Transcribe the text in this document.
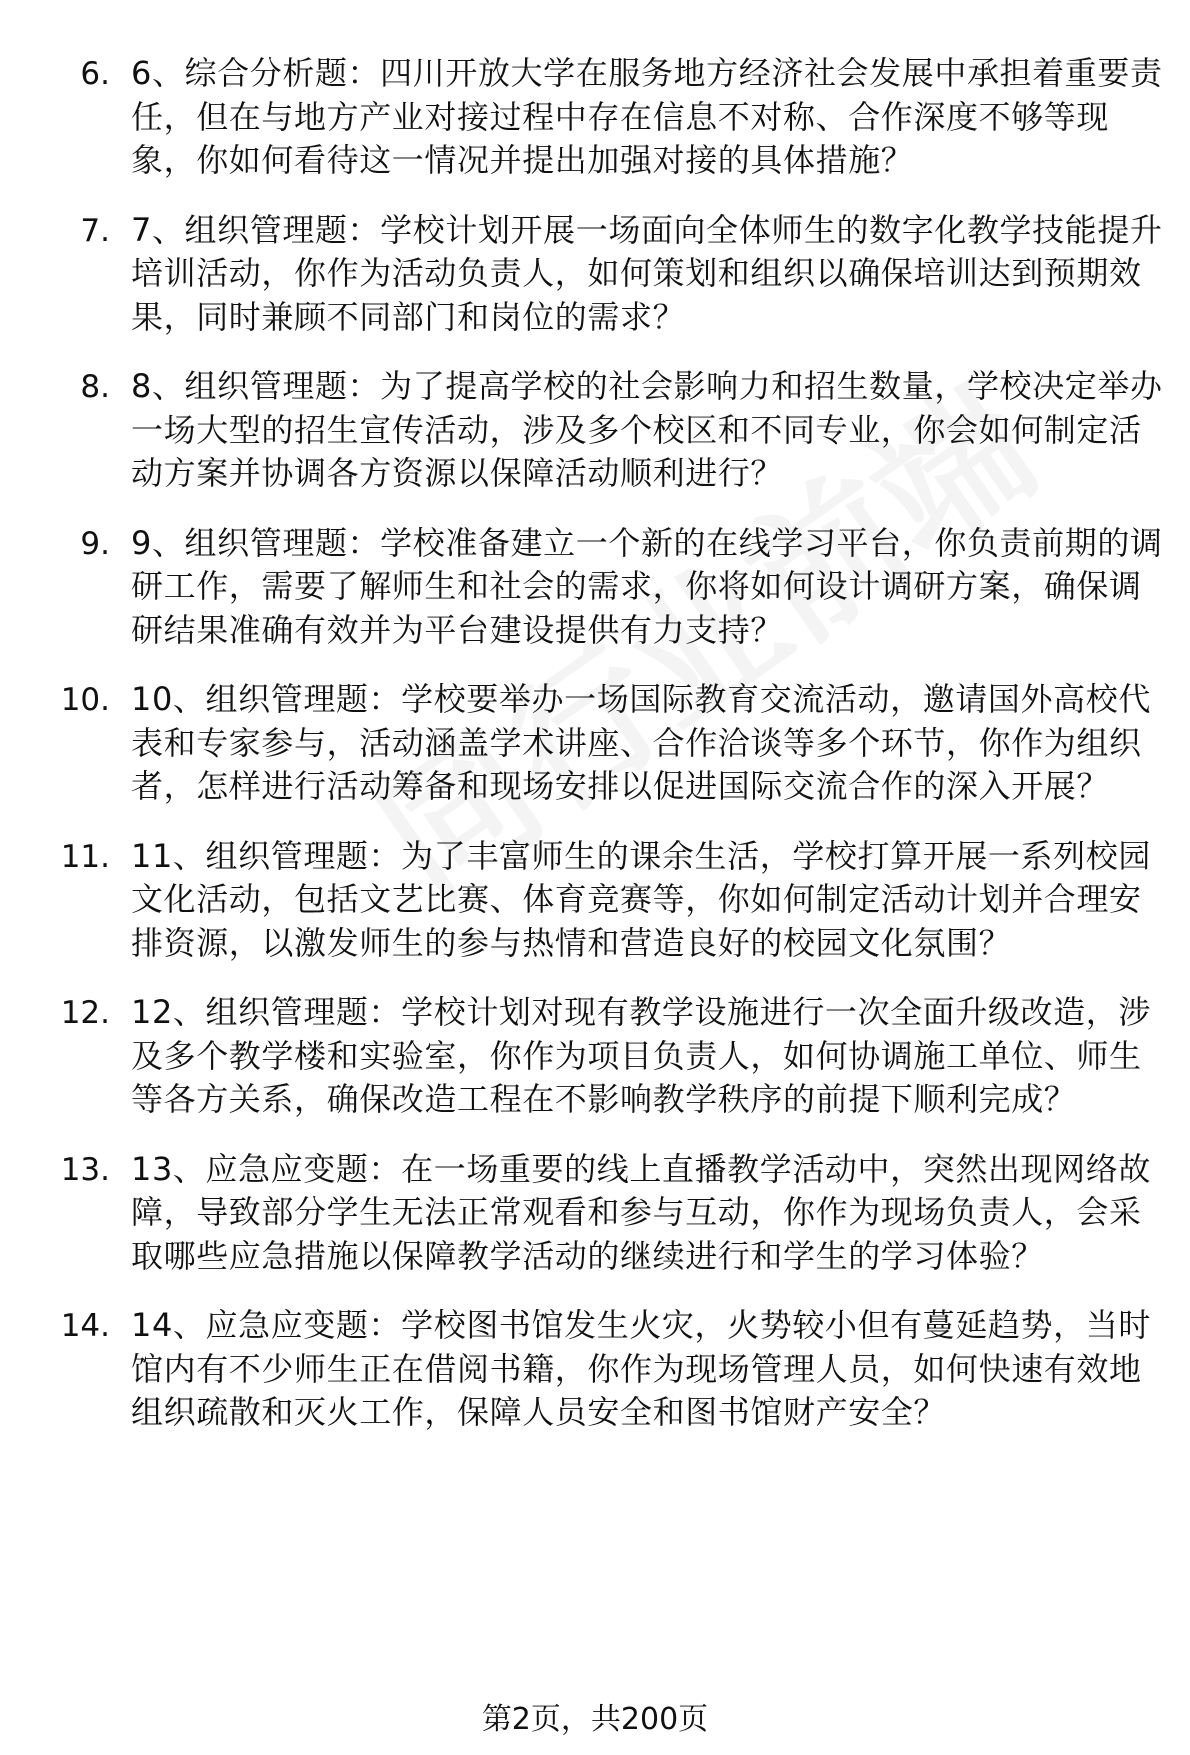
6. 6、综合分析题：四川开放大学在服务地方经济社会发展中承担着重要责任，但在与地方产业对接过程中存在信息不对称、合作深度不够等现象，你如何看待这一情况并提出加强对接的具体措施？
7. 7、组织管理题：学校计划开展一场面向全体师生的数字化教学技能提升培训活动，你作为活动负责人，如何策划和组织以确保培训达到预期效果，同时兼顾不同部门和岗位的需求？
8. 8、组织管理题：为了提高学校的社会影响力和招生数量，学校决定举办一场大型的招生宣传活动，涉及多个校区和不同专业，你会如何制定活动方案并协调各方资源以保障活动顺利进行？
9. 9、组织管理题：学校准备建立一个新的在线学习平台，你负责前期的调研工作，需要了解师生和社会的需求，你将如何设计调研方案，确保调研结果准确有效并为平台建设提供有力支持？
10. 10、组织管理题：学校要举办一场国际教育交流活动，邀请国外高校代表和专家参与，活动涵盖学术讲座、合作洽谈等多个环节，你作为组织者，怎样进行活动筹备和现场安排以促进国际交流合作的深入开展？
11. 11、组织管理题：为了丰富师生的课余生活，学校打算开展一系列校园文化活动，包括文艺比赛、体育竞赛等，你如何制定活动计划并合理安排资源，以激发师生的参与热情和营造良好的校园文化氛围？
12. 12、组织管理题：学校计划对现有教学设施进行一次全面升级改造，涉及多个教学楼和实验室，你作为项目负责人，如何协调施工单位、师生等各方关系，确保改造工程在不影响教学秩序的前提下顺利完成？
13. 13、应急应变题：在一场重要的线上直播教学活动中，突然出现网络故障，导致部分学生无法正常观看和参与互动，你作为现场负责人，会采取哪些应急措施以保障教学活动的继续进行和学生的学习体验？
14. 14、应急应变题：学校图书馆发生火灾，火势较小但有蔓延趋势，当时馆内有不少师生正在借阅书籍，你作为现场管理人员，如何快速有效地组织疏散和灭火工作，保障人员安全和图书馆财产安全？
第2页，共200页
